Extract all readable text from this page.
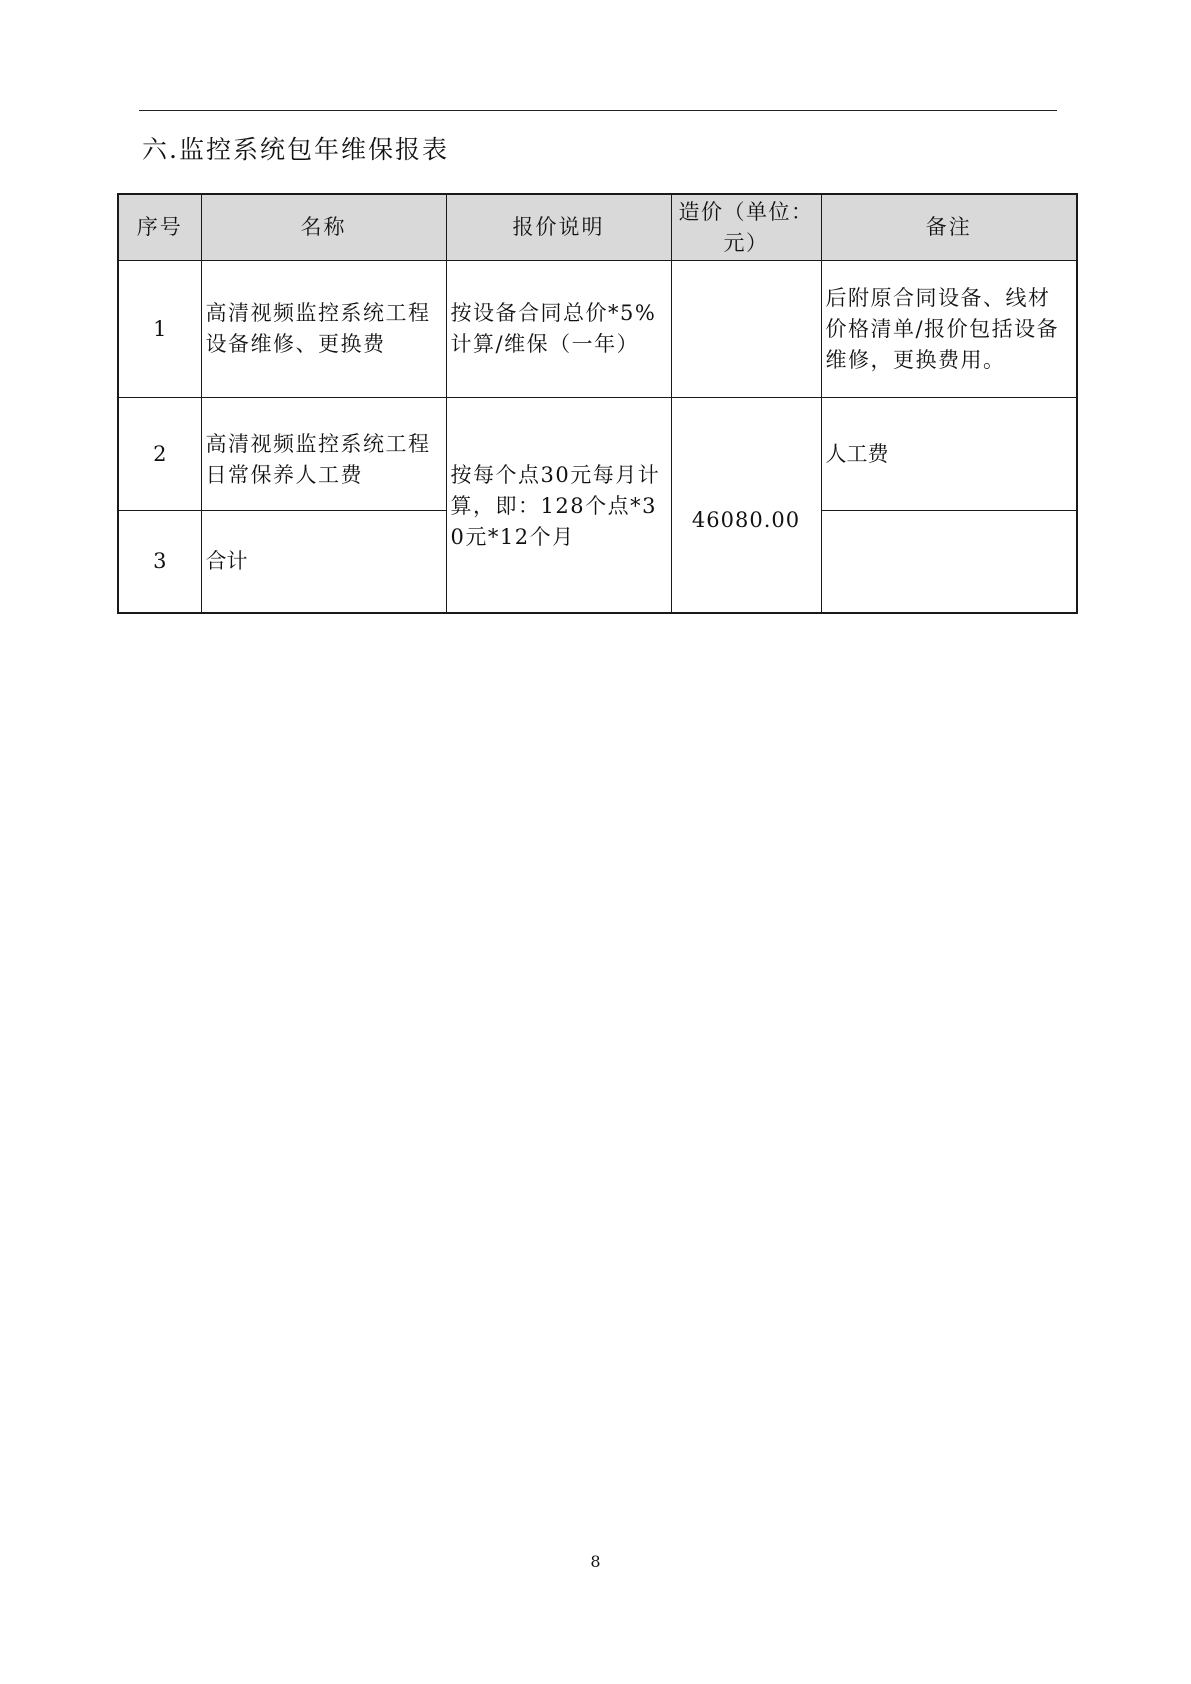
六.监控系统包年维保报表
序号	名称	报价说明	造价（单位：元）	备注
1	高清视频监控系统工程设备维修、更换费	按设备合同总价*5%计算/维保（一年）		后附原合同设备、线材价格清单/报价包括设备维修，更换费用。

2	高清视频监控系统工程日常保养人工费	按每个点30元每月计算，即：128个点*30元*12个月	46080.00	人工费
3	合计			
8
